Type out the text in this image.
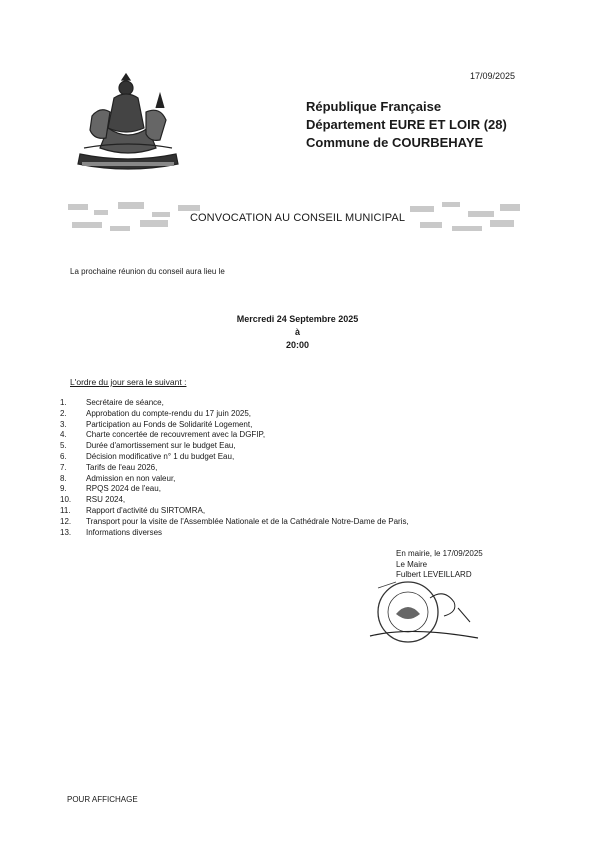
17/09/2025
République Française
Département EURE ET LOIR (28)
Commune de COURBEHAYE
CONVOCATION AU CONSEIL MUNICIPAL
La prochaine réunion du conseil aura lieu le
Mercredi 24 Septembre 2025
à
20:00
L'ordre du jour sera le suivant :
1. Secrétaire de séance,
2. Approbation du compte-rendu du 17 juin 2025,
3. Participation au Fonds de Solidarité Logement,
4. Charte concertée de recouvrement avec la DGFIP,
5. Durée d'amortissement sur le budget Eau,
6. Décision modificative n° 1 du budget Eau,
7. Tarifs de l'eau 2026,
8. Admission en non valeur,
9. RPQS 2024 de l'eau,
10. RSU 2024,
11. Rapport d'activité du SIRTOMRA,
12. Transport pour la visite de l'Assemblée Nationale et de la Cathédrale Notre-Dame de Paris,
13. Informations diverses
En mairie, le 17/09/2025
Le Maire
Fulbert LEVEILLARD
POUR AFFICHAGE
